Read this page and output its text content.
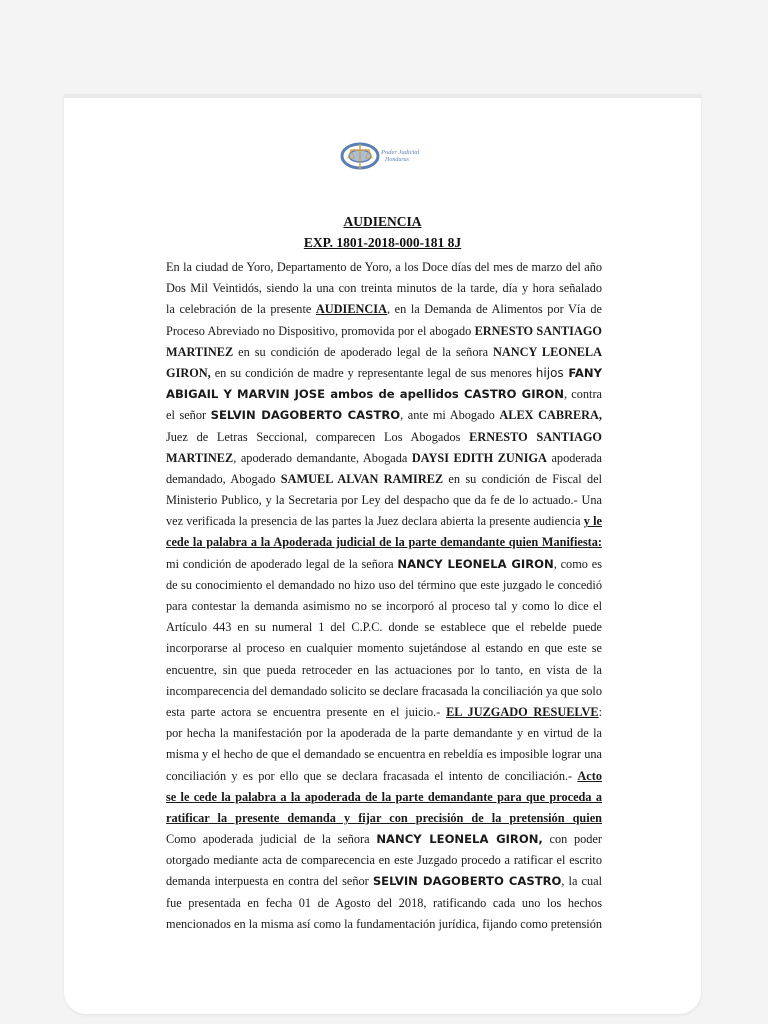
Poder Judicial
Honduras
AUDIENCIA
EXP. 1801-2018-000-181 8J
En la ciudad de Yoro, Departamento de Yoro, a los Doce días del mes de marzo del año
Dos Mil Veintidós, siendo la una con treinta minutos de la tarde, día y hora señalado
la celebración de la presente AUDIENCIA, en la Demanda de Alimentos por Vía de
Proceso Abreviado no Dispositivo, promovida por el abogado ERNESTO SANTIAGO
MARTINEZ en su condición de apoderado legal de la señora NANCY LEONELA
GIRON, en su condición de madre y representante legal de sus menores hijos FANY
ABIGAIL Y MARVIN JOSE ambos de apellidos CASTRO GIRON, contra
el señor SELVIN DAGOBERTO CASTRO, ante mi Abogado ALEX CABRERA,
Juez de Letras Seccional, comparecen Los Abogados ERNESTO SANTIAGO
MARTINEZ, apoderado demandante, Abogada DAYSI EDITH ZUNIGA apoderada
demandado, Abogado SAMUEL ALVAN RAMIREZ en su condición de Fiscal del
Ministerio Publico, y la Secretaria por Ley del despacho que da fe de lo actuado.- Una
vez verificada la presencia de las partes la Juez declara abierta la presente audiencia y le
cede la palabra a la Apoderada judicial de la parte demandante quien Manifiesta:
mi condición de apoderado legal de la señora NANCY LEONELA GIRON, como es
de su conocimiento el demandado no hizo uso del término que este juzgado le concedió
para contestar la demanda asimismo no se incorporó al proceso tal y como lo dice el
Artículo 443 en su numeral 1 del C.P.C. donde se establece que el rebelde puede
incorporarse al proceso en cualquier momento sujetándose al estando en que este se
encuentre, sin que pueda retroceder en las actuaciones por lo tanto, en vista de la
incomparecencia del demandado solicito se declare fracasada la conciliación ya que solo
esta parte actora se encuentra presente en el juicio.- EL JUZGADO RESUELVE:
por hecha la manifestación por la apoderada de la parte demandante y en virtud de la
misma y el hecho de que el demandado se encuentra en rebeldía es imposible lograr una
conciliación y es por ello que se declara fracasada el intento de conciliación.- Acto
se le cede la palabra a la apoderada de la parte demandante para que proceda a
ratificar la presente demanda y fijar con precisión de la pretensión quien
Como apoderada judicial de la señora NANCY LEONELA GIRON, con poder
otorgado mediante acta de comparecencia en este Juzgado procedo a ratificar el escrito
demanda interpuesta en contra del señor SELVIN DAGOBERTO CASTRO, la cual
fue presentada en fecha 01 de Agosto del 2018, ratificando cada uno los hechos
mencionados en la misma así como la fundamentación jurídica, fijando como pretensión
